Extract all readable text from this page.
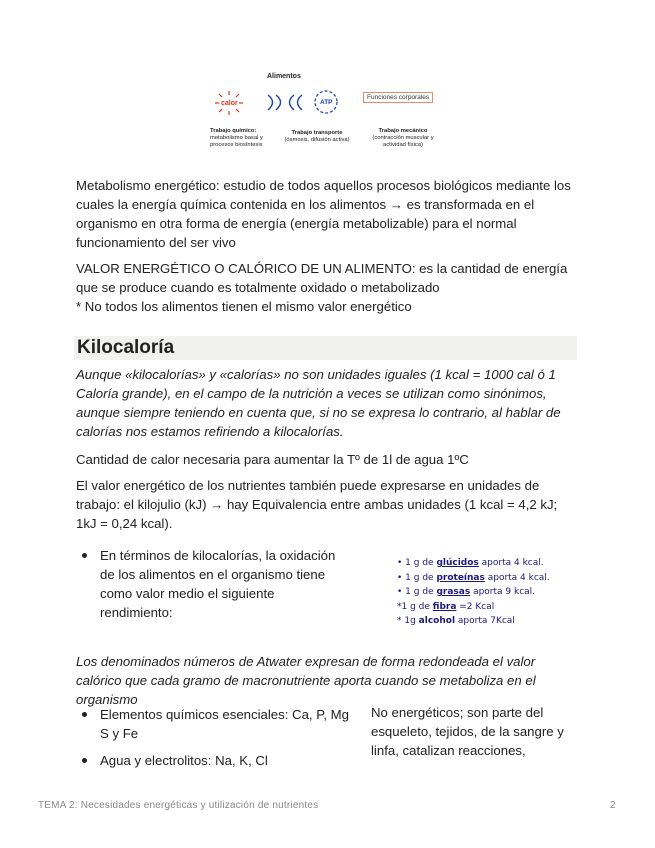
Alimentos
calor	ATP
Funciones corporales
Trabajo químico:
metabolismo basal y procesos biosíntesis
Trabajo transporte
(ósmosis, difusión activa)
Trabajo mecánico
(contracción muscular y actividad física)

Metabolismo energético: estudio de todos aquellos procesos biológicos mediante los cuales la energía química contenida en los alimentos → es transformada en el organismo en otra forma de energía (energía metabolizable) para el normal funcionamiento del ser vivo

VALOR ENERGÉTICO O CALÓRICO DE UN ALIMENTO: es la cantidad de energía que se produce cuando es totalmente oxidado o metabolizado

* No todos los alimentos tienen el mismo valor energético

Kilocaloría

Aunque «kilocalorías» y «calorías» no son unidades iguales (1 kcal = 1000 cal ó 1 Caloría grande), en el campo de la nutrición a veces se utilizan como sinónimos, aunque siempre teniendo en cuenta que, si no se expresa lo contrario, al hablar de calorías nos estamos refiriendo a kilocalorías.

Cantidad de calor necesaria para aumentar la Tº de 1l de agua 1ºC

El valor energético de los nutrientes también puede expresarse en unidades de trabajo: el kilojulio (kJ) → hay Equivalencia entre ambas unidades (1 kcal = 4,2 kJ; 1kJ = 0,24 kcal).

En términos de kilocalorías, la oxidación de los alimentos en el organismo tiene como valor medio el siguiente rendimiento:

• 1 g de glúcidos aporta 4 kcal.
• 1 g de proteínas aporta 4 kcal.
• 1 g de grasas aporta 9 kcal.
*1 g de fibra =2 Kcal
* 1g alcohol aporta 7Kcal

Los denominados números de Atwater expresan de forma redondeada el valor calórico que cada gramo de macronutriente aporta cuando se metaboliza en el organismo

Elementos químicos esenciales: Ca, P, Mg S y Fe

Agua y electrolitos: Na, K, Cl

No energéticos; son parte del esqueleto, tejidos, de la sangre y linfa, catalizan reacciones,

TEMA 2: Necesidades energéticas y utilización de nutrientes	2
